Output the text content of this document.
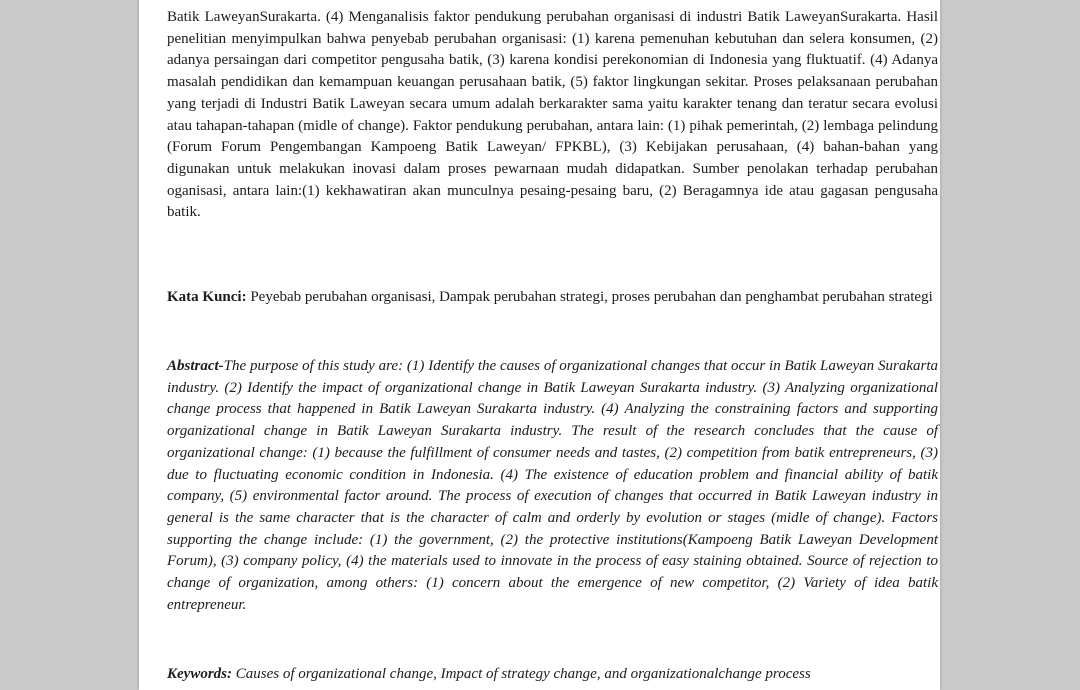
Batik LaweyanSurakarta. (4) Menganalisis faktor pendukung perubahan organisasi di industri Batik LaweyanSurakarta. Hasil penelitian menyimpulkan bahwa penyebab perubahan organisasi: (1) karena pemenuhan kebutuhan dan selera konsumen, (2) adanya persaingan dari competitor pengusaha batik, (3) karena kondisi perekonomian di Indonesia yang fluktuatif. (4) Adanya masalah pendidikan dan kemampuan keuangan perusahaan batik, (5) faktor lingkungan sekitar. Proses pelaksanaan perubahan yang terjadi di Industri Batik Laweyan secara umum adalah berkarakter sama yaitu karakter tenang dan teratur secara evolusi atau tahapan-tahapan (midle of change). Faktor pendukung perubahan, antara lain: (1) pihak pemerintah, (2) lembaga pelindung (Forum Forum Pengembangan Kampoeng Batik Laweyan/ FPKBL), (3) Kebijakan perusahaan, (4) bahan-bahan yang digunakan untuk melakukan inovasi dalam proses pewarnaan mudah didapatkan. Sumber penolakan terhadap perubahan oganisasi, antara lain:(1) kekhawatiran akan munculnya pesaing-pesaing baru, (2) Beragamnya ide atau gagasan pengusaha batik.

Kata Kunci: Peyebab perubahan organisasi, Dampak perubahan strategi, proses perubahan dan penghambat perubahan strategi

Abstract-The purpose of this study are: (1) Identify the causes of organizational changes that occur in Batik Laweyan Surakarta industry. (2) Identify the impact of organizational change in Batik Laweyan Surakarta industry. (3) Analyzing organizational change process that happened in Batik Laweyan Surakarta industry. (4) Analyzing the constraining factors and supporting organizational change in Batik Laweyan Surakarta industry. The result of the research concludes that the cause of organizational change: (1) because the fulfillment of consumer needs and tastes, (2) competition from batik entrepreneurs, (3) due to fluctuating economic condition in Indonesia. (4) The existence of education problem and financial ability of batik company, (5) environmental factor around. The process of execution of changes that occurred in Batik Laweyan industry in general is the same character that is the character of calm and orderly by evolution or stages (midle of change). Factors supporting the change include: (1) the government, (2) the protective institutions(Kampoeng Batik Laweyan Development Forum), (3) company policy, (4) the materials used to innovate in the process of easy staining obtained. Source of rejection to change of organization, among others: (1) concern about the emergence of new competitor, (2) Variety of idea batik entrepreneur.

Keywords: Causes of organizational change, Impact of strategy change, and organizationalchange process
